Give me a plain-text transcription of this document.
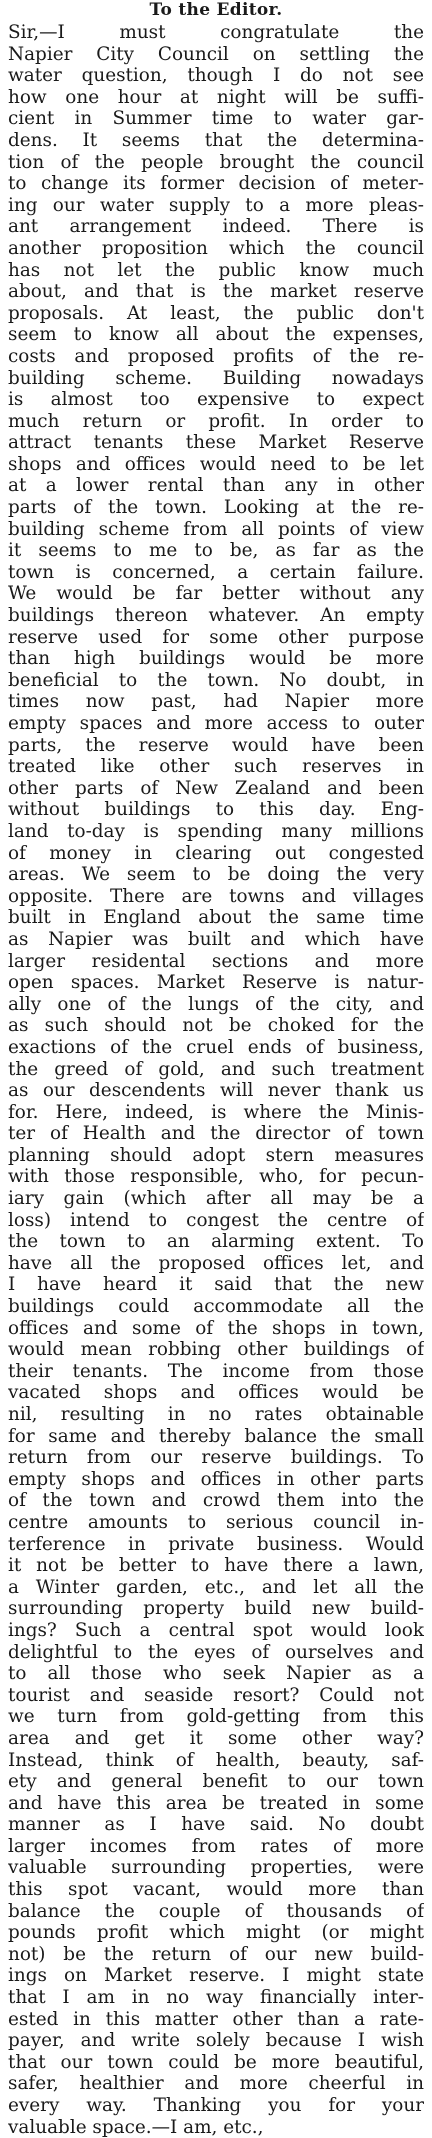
To the Editor.
Sir,—I must congratulate the
Napier City Council on settling the
water question, though I do not see
how one hour at night will be suffi-
cient in Summer time to water gar-
dens. It seems that the determina-
tion of the people brought the council
to change its former decision of meter-
ing our water supply to a more pleas-
ant arrangement indeed. There is
another proposition which the council
has not let the public know much
about, and that is the market reserve
proposals. At least, the public don't
seem to know all about the expenses,
costs and proposed profits of the re-
building scheme. Building nowadays
is almost too expensive to expect
much return or profit. In order to
attract tenants these Market Reserve
shops and offices would need to be let
at a lower rental than any in other
parts of the town. Looking at the re-
building scheme from all points of view
it seems to me to be, as far as the
town is concerned, a certain failure.
We would be far better without any
buildings thereon whatever. An empty
reserve used for some other purpose
than high buildings would be more
beneficial to the town. No doubt, in
times now past, had Napier more
empty spaces and more access to outer
parts, the reserve would have been
treated like other such reserves in
other parts of New Zealand and been
without buildings to this day. Eng-
land to-day is spending many millions
of money in clearing out congested
areas. We seem to be doing the very
opposite. There are towns and villages
built in England about the same time
as Napier was built and which have
larger residental sections and more
open spaces. Market Reserve is natur-
ally one of the lungs of the city, and
as such should not be choked for the
exactions of the cruel ends of business,
the greed of gold, and such treatment
as our descendents will never thank us
for. Here, indeed, is where the Minis-
ter of Health and the director of town
planning should adopt stern measures
with those responsible, who, for pecun-
iary gain (which after all may be a
loss) intend to congest the centre of
the town to an alarming extent. To
have all the proposed offices let, and
I have heard it said that the new
buildings could accommodate all the
offices and some of the shops in town,
would mean robbing other buildings of
their tenants. The income from those
vacated shops and offices would be
nil, resulting in no rates obtainable
for same and thereby balance the small
return from our reserve buildings. To
empty shops and offices in other parts
of the town and crowd them into the
centre amounts to serious council in-
terference in private business. Would
it not be better to have there a lawn,
a Winter garden, etc., and let all the
surrounding property build new build-
ings? Such a central spot would look
delightful to the eyes of ourselves and
to all those who seek Napier as a
tourist and seaside resort? Could not
we turn from gold-getting from this
area and get it some other way?
Instead, think of health, beauty, saf-
ety and general benefit to our town
and have this area be treated in some
manner as I have said. No doubt
larger incomes from rates of more
valuable surrounding properties, were
this spot vacant, would more than
balance the couple of thousands of
pounds profit which might (or might
not) be the return of our new build-
ings on Market reserve. I might state
that I am in no way financially inter-
ested in this matter other than a rate-
payer, and write solely because I wish
that our town could be more beautiful,
safer, healthier and more cheerful in
every way. Thanking you for your
valuable space.—I am, etc.,
